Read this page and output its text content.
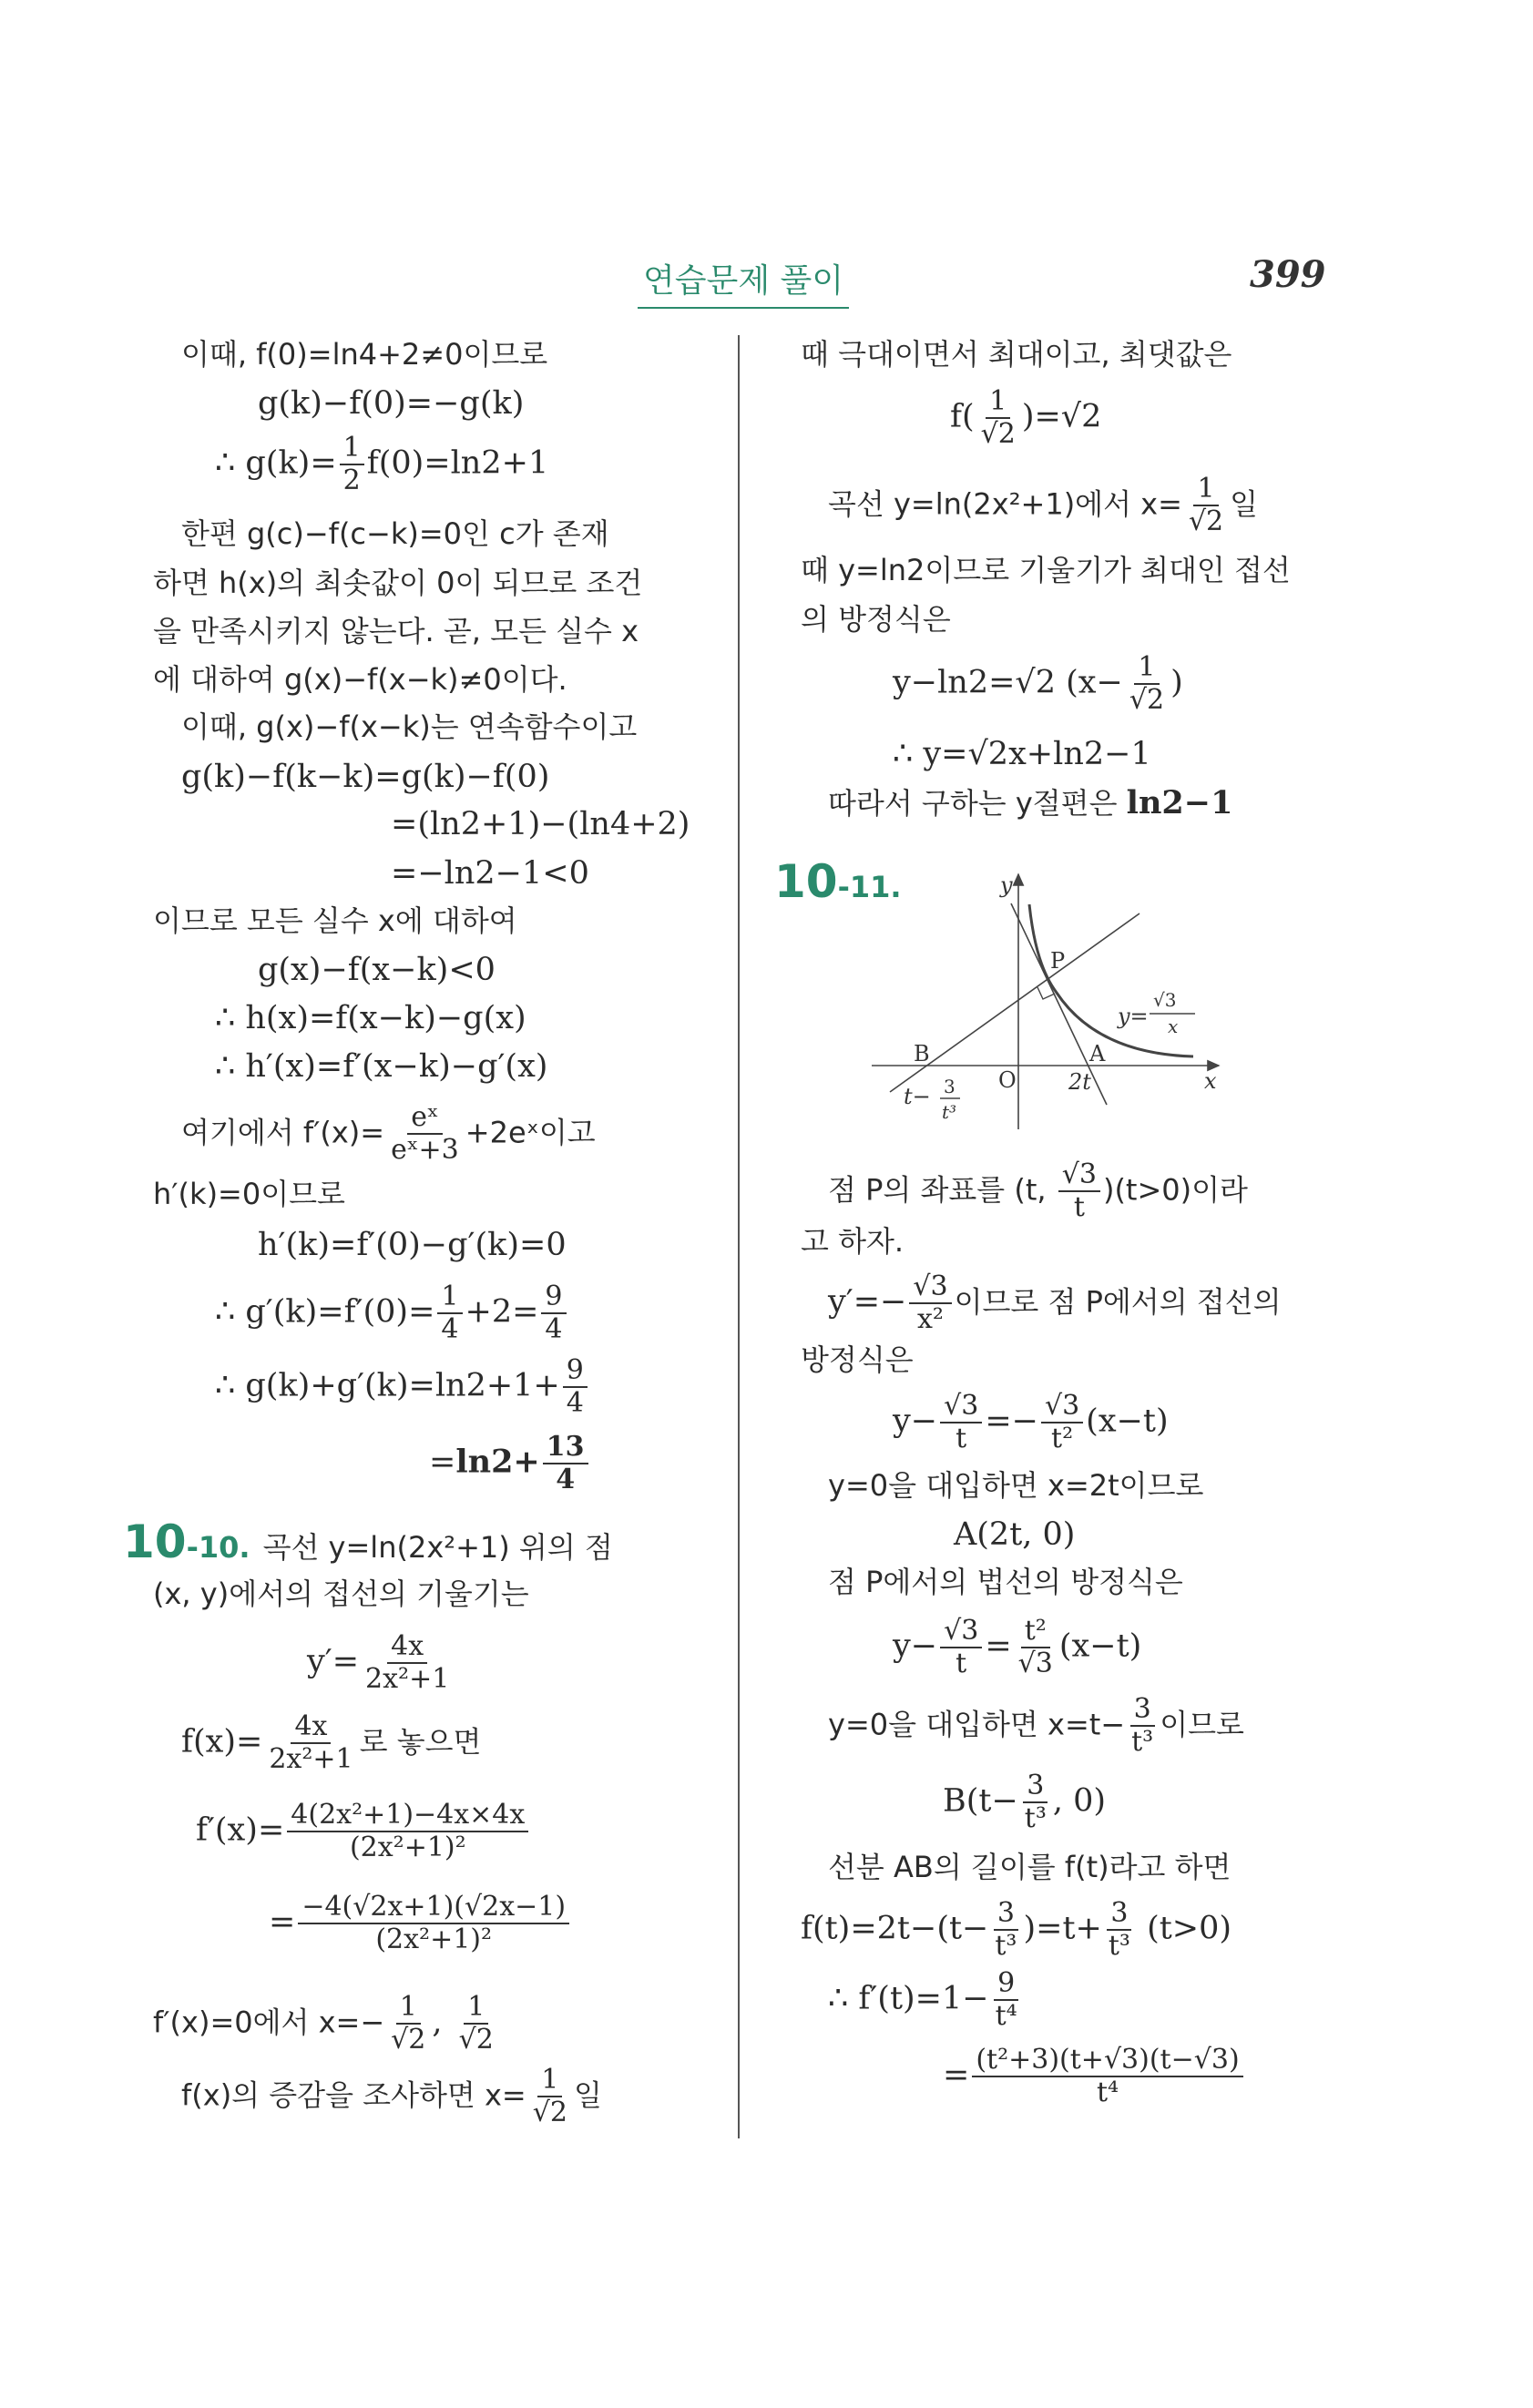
연습문제 풀이	399
이때, f(0)=ln4+2≠0이므로
g(k)−f(0)=−g(k)
∴ $g(k)= \frac{1}{2} f(0)=\ln 2+1$
한편 g(c)−f(c−k)=0인 c가 존재
하면 h(x)의 최솟값이 0이 되므로 조건
을 만족시키지 않는다. 곧, 모든 실수 x
에 대하여 g(x)−f(x−k)≠0이다.
이때, g(x)−f(x−k)는 연속함수이고
g(k)−f(k−k)=g(k)−f(0)
=(ln2+1)−(ln4+2)
=−ln2−1<0
이므로 모든 실수 x에 대하여
g(x)−f(x−k)<0
∴ h(x)=f(x−k)−g(x)
∴ h′(x)=f′(x−k)−g′(x)
여기에서 $f'(x)= \frac{\text{eˣ}}{\text{eˣ+3}}$ +2eˣ이고
h′(k)=0이므로
h′(k)=f′(0)−g′(k)=0
∴ $g'(k)=f'(0)= \frac{1}{4} +2= \frac{9}{4}$
∴ $g(k)+g'(k)=\ln 2+1+ \frac{9}{4}$
$=\ln 2+ \frac{13}{4}$
10-10. 곡선 y=ln(2x²+1) 위의 점
(x, y)에서의 접선의 기울기는
$y'= \frac{4x}{\text{2x²+1}}$
$f(x)= \frac{4x}{\text{2x²+1}}$ 로 놓으면
$f'(x)= \frac{\text{4(2x²+1)−4x×4x}}{\text{(2x²+1)²}}$
= $\frac{-4(√2x+1)(√2x-1)}{\text{(2x²+1)²}}$
f′(x)=0에서 $x=- \frac{1}{√2}$ , $\frac{1}{√2}$
f(x)의 증감을 조사하면 $x= \frac{1}{√2}$ 일
때 극대이면서 최대이고, 최댓값은
$f( \frac{1}{√2} )=√2$
곡선 y=ln(2x²+1)에서 $x= \frac{1}{√2}$ 일
때 y=ln2이므로 기울기가 최대인 접선
의 방정식은
y−ln2=√2 ($x- \frac{1}{√2}$ )
∴ y=√2x+ln2−1
따라서 구하는 y절편은 ln2−1
10-11.
점 P의 좌표를 (t, $\frac{√3}{t} )(t>0)$이라
고 하자.
$y'=- \frac{√3}{\text{x²}}$ 이므로 점 P에서의 접선의
방정식은
$y- \frac{√3}{t} =- \frac{√3}{\text{t²}} (x-t)$
y=0을 대입하면 x=2t이므로
A(2t, 0)
점 P에서의 법선의 방정식은
$y- \frac{√3}{t} = \frac{\text{t²}}{√3} (x-t)$
y=0을 대입하면 $x=t- \frac{3}{\text{t³}}$ 이므로
$B(t- \frac{3}{\text{t³}}$ , 0)
선분 AB의 길이를 f(t)라고 하면
$f(t)=2t-(t- \frac{3}{\text{t³}} )=t+ \frac{3}{\text{t³}} (t>0)$
∴ $f'(t)=1- \frac{9}{\text{t⁴}}$
= $\frac{\text{(t²+3)(t+√3)(t−√3)}}{\text{t⁴}}$
y
x
O
P
A
B
2t
t− 3
t³
y=
√3
x
